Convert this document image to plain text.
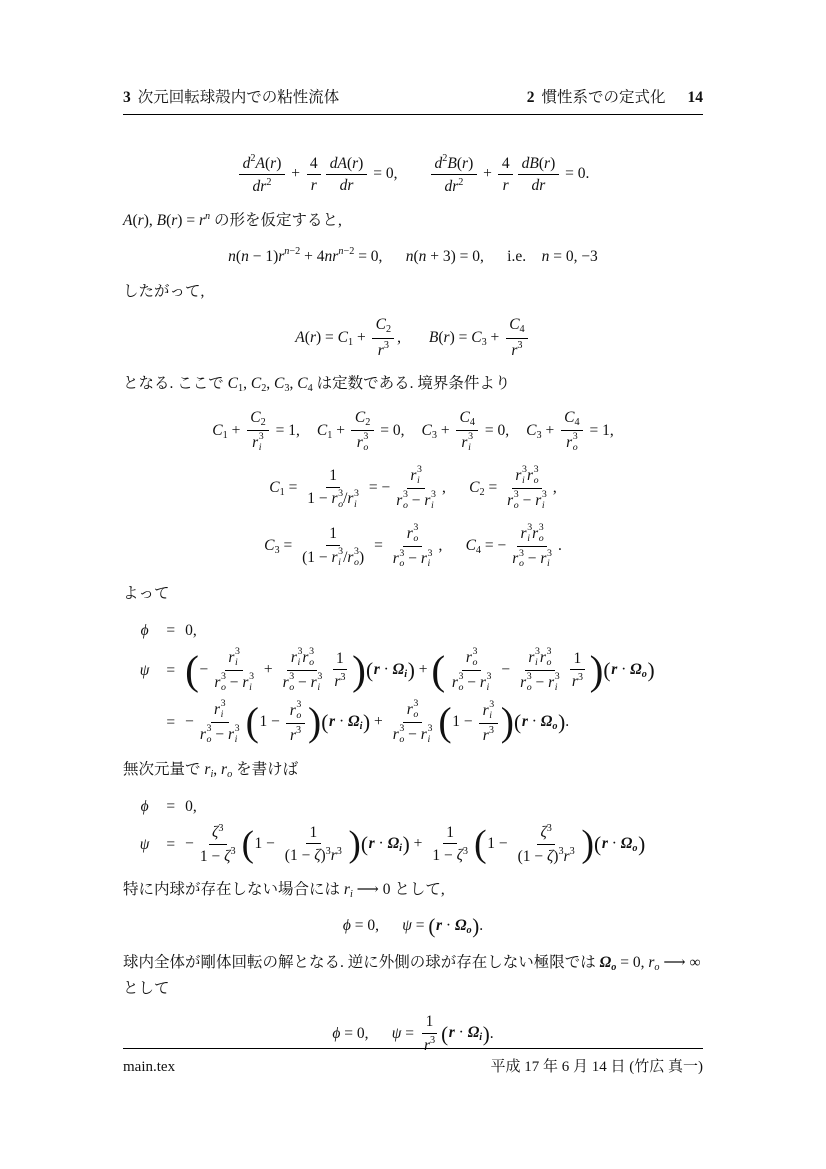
3 次元回転球殻内での粘性流体	2 慣性系での定式化 14
$\frac{d2A(r)}{dr2} + \frac{4}{r} \frac{dA(r)}{dr} = 0$, $\frac{d2B(r)}{dr2} + \frac{4}{r} \frac{dB(r)}{dr} = 0$.
A(r), B(r) = rn の形を仮定すると,
n(n − 1)rn−2 + 4nrn−2 = 0, n(n + 3) = 0, i.e. n = 0, −3
したがって,
$A(r) = C1 + \frac{C2}{r3}$ , $B(r) = C3 + \frac{C4}{r3}$
となる. ここで C1, C2, C3, C4 は定数である. 境界条件より
C1 + C2
r 3
i = 1, C1 + C2
r 3
o = 0, C3 + C4
r 3
i = 0, C3 + C4
r 3
o = 1,
C1 = 1
1 − r 3
o / r 3
i = − r 3
i
r 3
o − r 3
i , C2 = r 3
i r 3
o
r 3
o − r 3
i ,
C3 = 1
(1 − r 3
i / r 3
o ) = r 3
o
r 3
o − r 3
i , C4 = − r 3
i r 3
o
r 3
o − r 3
i .
よって
ϕ	= 0,
ψ	= ( − r 3
i
r 3
o − r 3
i + r 3
i r 3
o
r 3
o − r 3
i $\frac{1}{r3}$ ) ( r · Ωi ) + ( r 3
o
r 3
o − r 3
i − r 3
i r 3
o
r 3
o − r 3
i $\frac{1}{r3}$ ) ( r · Ωo )
= − r 3
i
r 3
o − r 3
i ( 1 − r 3
o
r3 ) ( r · Ωi ) + r 3
o
r 3
o − r 3
i ( 1 − r 3
i
r3 ) ( r · Ωo ) .
無次元量で ri, ro を書けば
ϕ	= 0,
ψ	= − $\frac{\zeta 3}{1 - \zeta 3}$ ( $1 - \frac{1}{(1 - \zeta)3r3}$ ) ( r · Ωi ) + $\frac{1}{1 - \zeta 3}$ ( $1 - \frac{\zeta 3}{(1 - \zeta)3r3}$ ) ( r · Ωo )
特に内球が存在しない場合には ri ⟶ 0 として,
ϕ = 0, ψ = ( r · Ωo ) .
球内全体が剛体回転の解となる. 逆に外側の球が存在しない極限では Ωo = 0, ro ⟶ ∞ として
ϕ = 0, $\psi = \frac{1}{r3}$ ( r · Ωi ) .
main.tex	平成 17 年 6 月 14 日 (竹広 真一)
